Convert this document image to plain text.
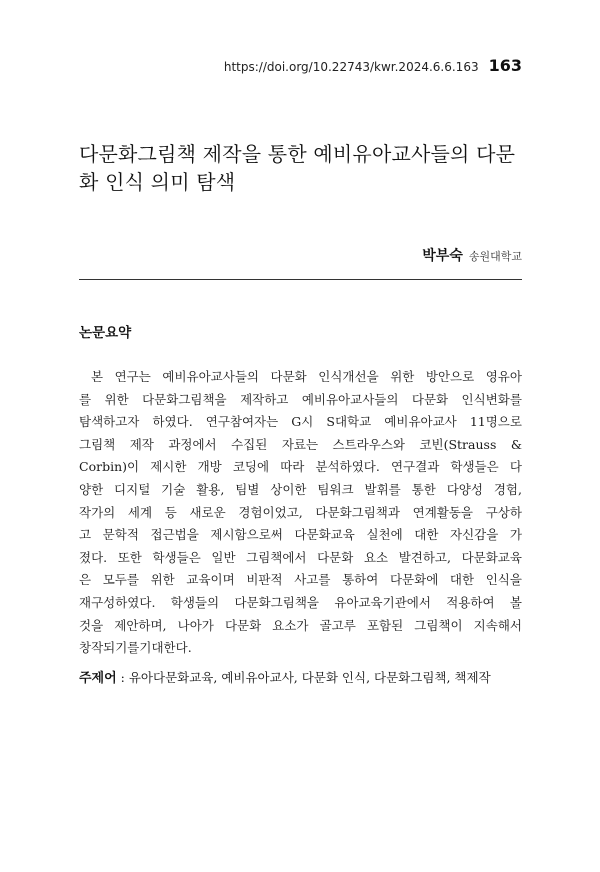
https://doi.org/10.22743/kwr.2024.6.6.163 163
다문화그림책 제작을 통한 예비유아교사들의 다문화 인식 의미 탐색
박부숙 송원대학교
논문요약
본 연구는 예비유아교사들의 다문화 인식개선을 위한 방안으로 영유아
를 위한 다문화그림책을 제작하고 예비유아교사들의 다문화 인식변화를
탐색하고자 하였다. 연구참여자는 G시 S대학교 예비유아교사 11명으로
그림책 제작 과정에서 수집된 자료는 스트라우스와 코빈(Strauss &
Corbin)이 제시한 개방 코딩에 따라 분석하였다. 연구결과 학생들은 다
양한 디지털 기술 활용, 팀별 상이한 팀워크 발휘를 통한 다양성 경험,
작가의 세계 등 새로운 경험이었고, 다문화그림책과 연계활동을 구상하
고 문학적 접근법을 제시함으로써 다문화교육 실천에 대한 자신감을 가
졌다. 또한 학생들은 일반 그림책에서 다문화 요소 발견하고, 다문화교육
은 모두를 위한 교육이며 비판적 사고를 통하여 다문화에 대한 인식을
재구성하였다. 학생들의 다문화그림책을 유아교육기관에서 적용하여 볼
것을 제안하며, 나아가 다문화 요소가 골고루 포함된 그림책이 지속해서
창작되기를 기대한다.
주제어 : 유아다문화교육, 예비유아교사, 다문화 인식, 다문화그림책, 책제작
